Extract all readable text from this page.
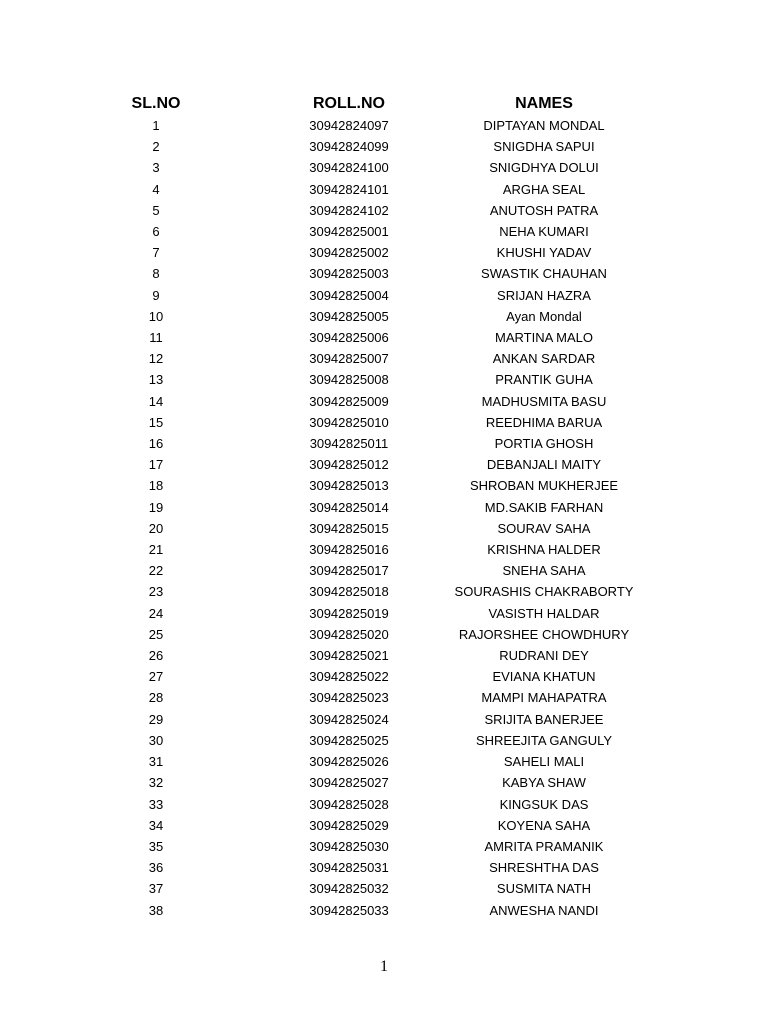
SL.NO	ROLL.NO	NAMES
1	30942824097	DIPTAYAN MONDAL
2	30942824099	SNIGDHA SAPUI
3	30942824100	SNIGDHYA DOLUI
4	30942824101	ARGHA SEAL
5	30942824102	ANUTOSH PATRA
6	30942825001	NEHA KUMARI
7	30942825002	KHUSHI YADAV
8	30942825003	SWASTIK CHAUHAN
9	30942825004	SRIJAN HAZRA
10	30942825005	Ayan Mondal
11	30942825006	MARTINA MALO
12	30942825007	ANKAN SARDAR
13	30942825008	PRANTIK GUHA
14	30942825009	MADHUSMITA BASU
15	30942825010	REEDHIMA BARUA
16	30942825011	PORTIA GHOSH
17	30942825012	DEBANJALI MAITY
18	30942825013	SHROBAN MUKHERJEE
19	30942825014	MD.SAKIB FARHAN
20	30942825015	SOURAV SAHA
21	30942825016	KRISHNA HALDER
22	30942825017	SNEHA SAHA
23	30942825018	SOURASHIS CHAKRABORTY
24	30942825019	VASISTH HALDAR
25	30942825020	RAJORSHEE CHOWDHURY
26	30942825021	RUDRANI DEY
27	30942825022	EVIANA KHATUN
28	30942825023	MAMPI MAHAPATRA
29	30942825024	SRIJITA BANERJEE
30	30942825025	SHREEJITA GANGULY
31	30942825026	SAHELI MALI
32	30942825027	KABYA SHAW
33	30942825028	KINGSUK DAS
34	30942825029	KOYENA SAHA
35	30942825030	AMRITA PRAMANIK
36	30942825031	SHRESHTHA DAS
37	30942825032	SUSMITA NATH
38	30942825033	ANWESHA NANDI
1
